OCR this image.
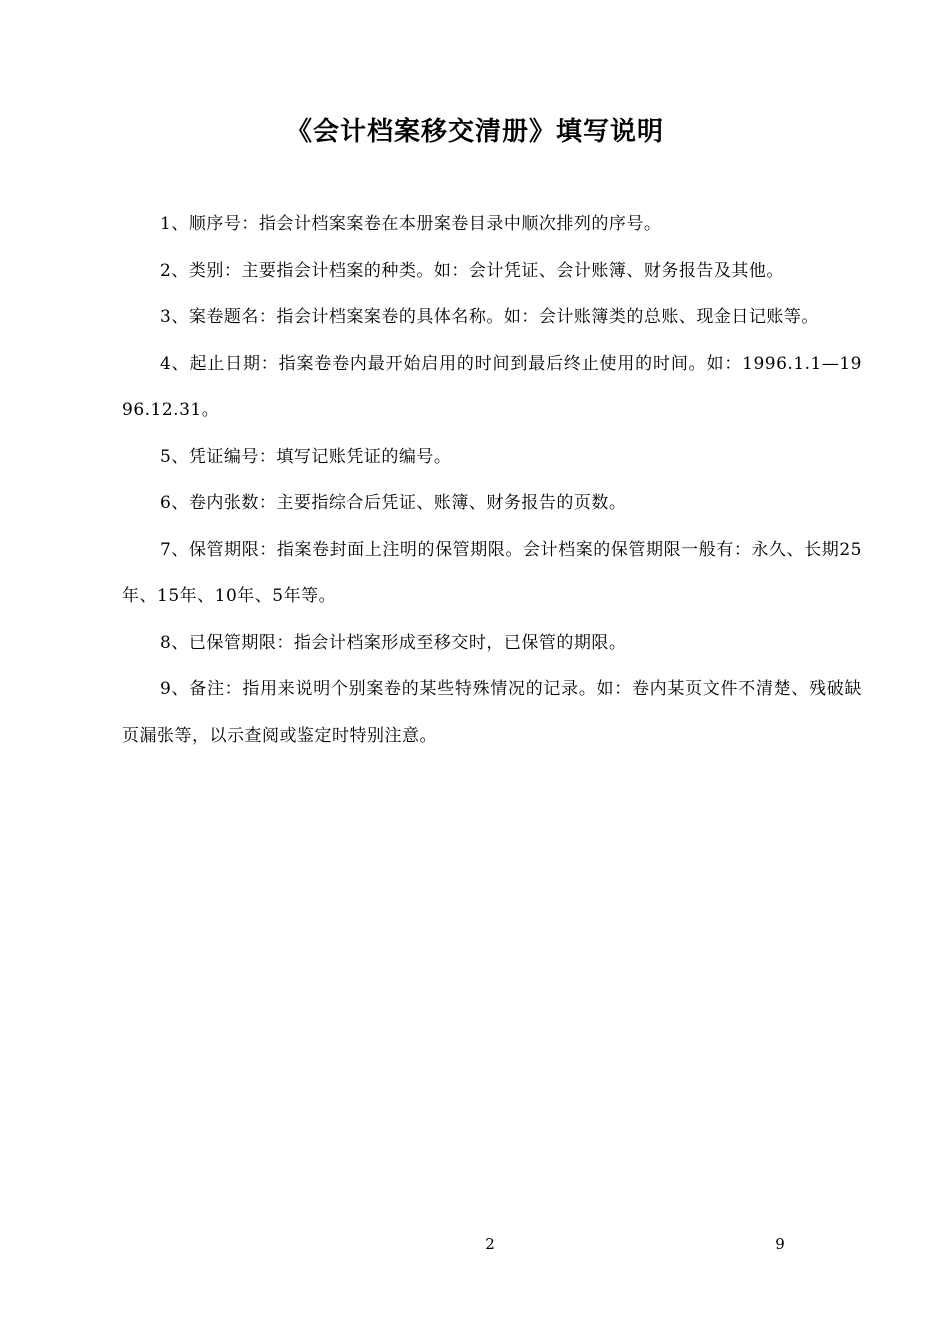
《会计档案移交清册》填写说明

1、顺序号：指会计档案案卷在本册案卷目录中顺次排列的序号。

2、类别：主要指会计档案的种类。如：会计凭证、会计账簿、财务报告及其他。

3、案卷题名：指会计档案案卷的具体名称。如：会计账簿类的总账、现金日记账等。

4、起止日期：指案卷卷内最开始启用的时间到最后终止使用的时间。如：1996.1.1—1996.12.31。

5、凭证编号：填写记账凭证的编号。

6、卷内张数：主要指综合后凭证、账簿、财务报告的页数。

7、保管期限：指案卷封面上注明的保管期限。会计档案的保管期限一般有：永久、长期25年、15年、10年、5年等。

8、已保管期限：指会计档案形成至移交时，已保管的期限。

9、备注：指用来说明个别案卷的某些特殊情况的记录。如：卷内某页文件不清楚、残破缺页漏张等，以示查阅或鉴定时特别注意。

2	9
